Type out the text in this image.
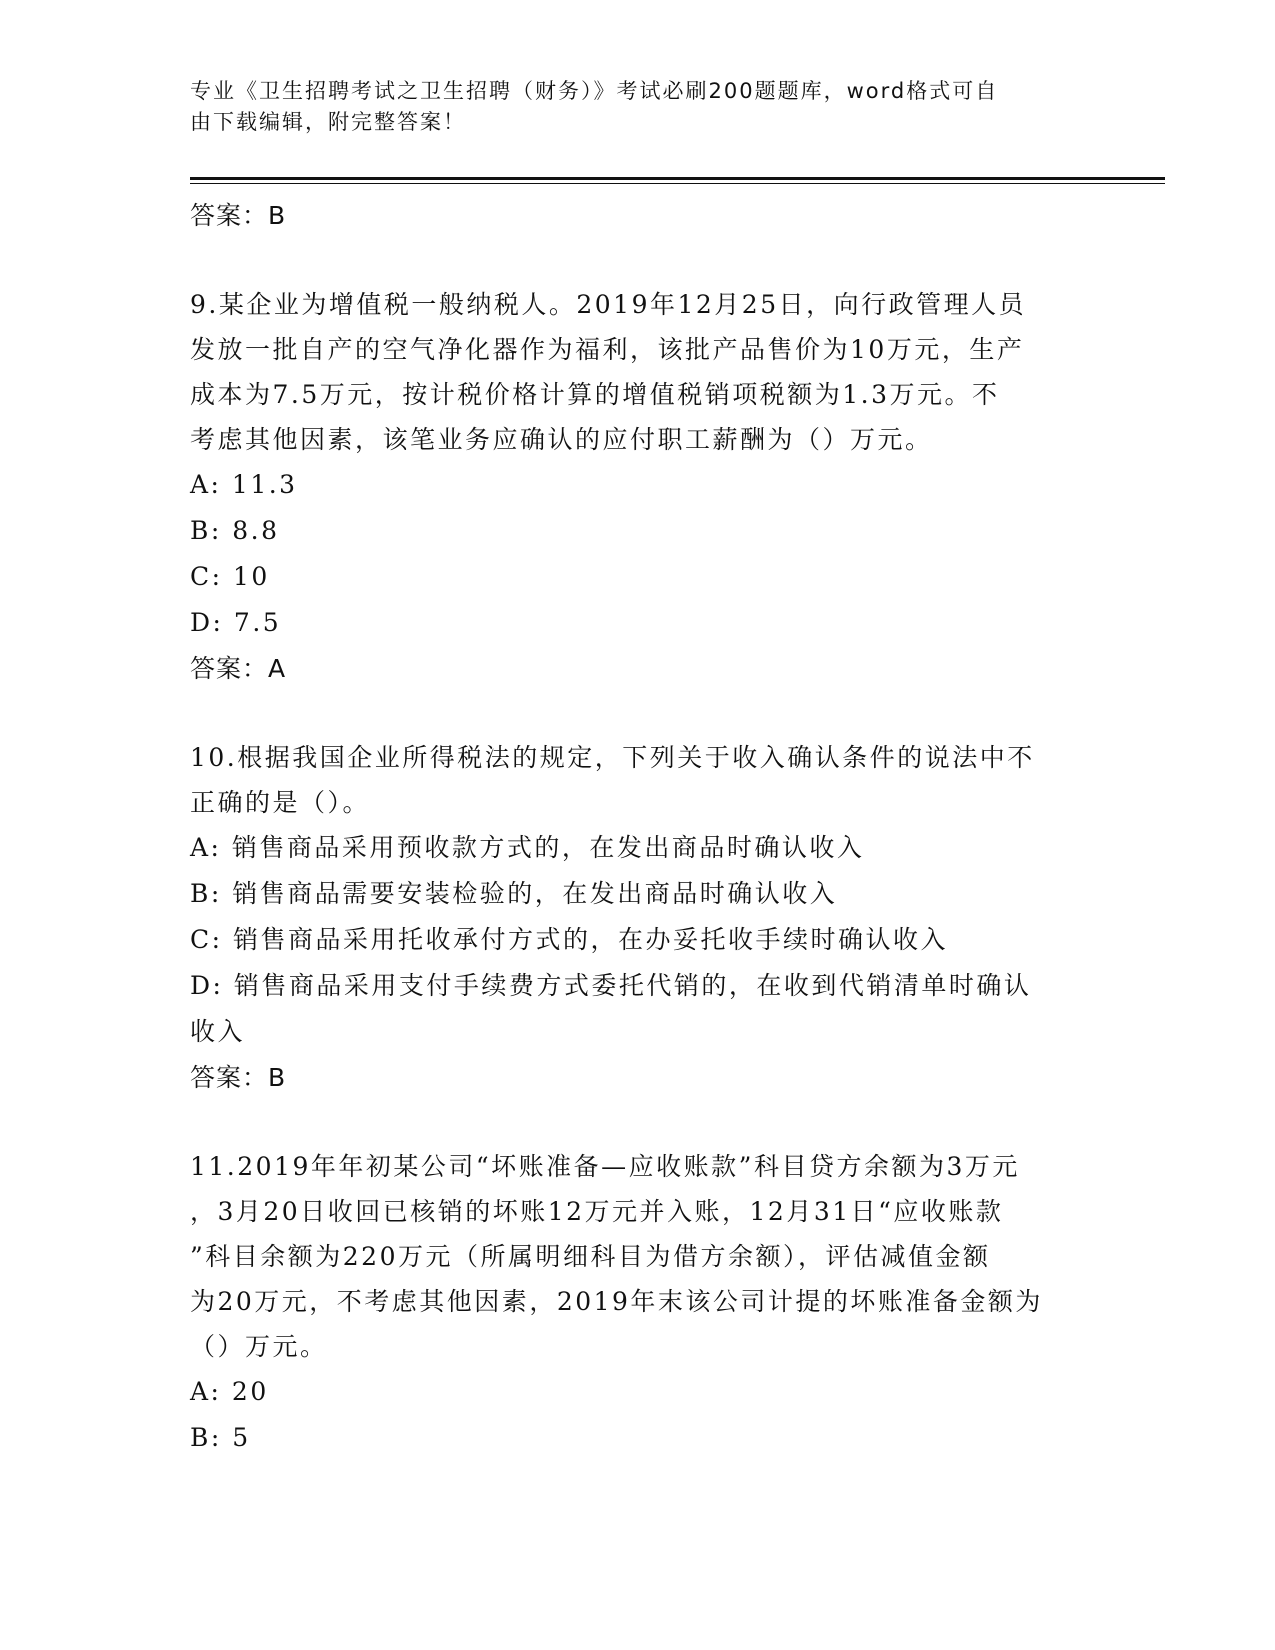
专业《卫生招聘考试之卫生招聘（财务）》考试必刷200题题库，word格式可自
由下载编辑，附完整答案！

答案：B

9.某企业为增值税一般纳税人。2019年12月25日，向行政管理人员

发放一批自产的空气净化器作为福利，该批产品售价为10万元，生产

成本为7.5万元，按计税价格计算的增值税销项税额为1.3万元。不

考虑其他因素，该笔业务应确认的应付职工薪酬为（）万元。

A: 11.3

B: 8.8

C: 10

D: 7.5

答案：A

10.根据我国企业所得税法的规定，下列关于收入确认条件的说法中不

正确的是（）。

A: 销售商品采用预收款方式的，在发出商品时确认收入

B: 销售商品需要安装检验的，在发出商品时确认收入

C: 销售商品采用托收承付方式的，在办妥托收手续时确认收入

D: 销售商品采用支付手续费方式委托代销的，在收到代销清单时确认

收入

答案：B

11.2019年年初某公司“坏账准备—应收账款”科目贷方余额为3万元

，3月20日收回已核销的坏账12万元并入账，12月31日“应收账款

”科目余额为220万元（所属明细科目为借方余额），评估减值金额

为20万元，不考虑其他因素，2019年末该公司计提的坏账准备金额为

（）万元。

A: 20

B: 5
